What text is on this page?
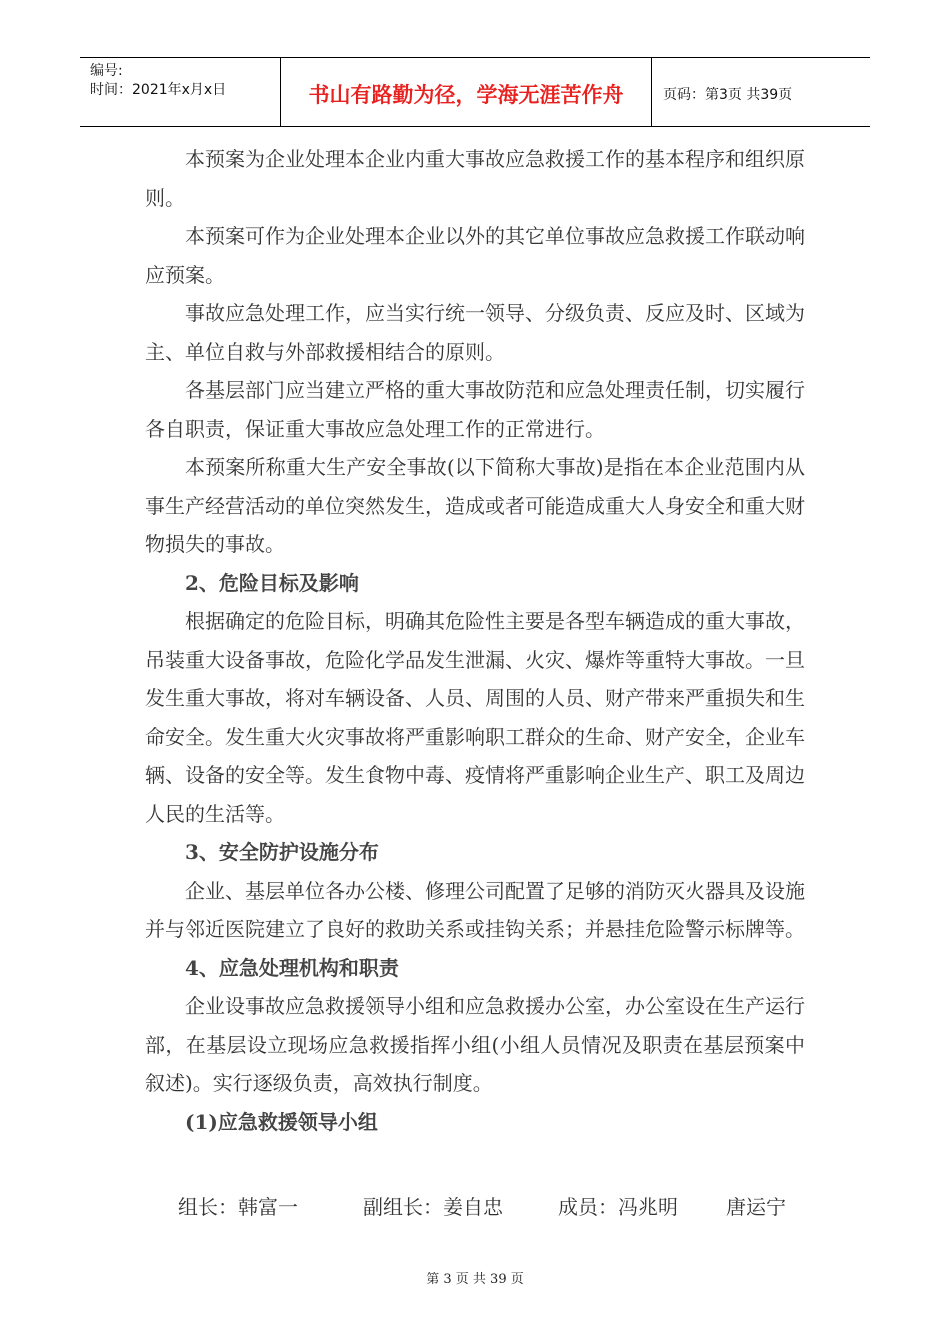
编号:
时间：2021年x月x日	书山有路勤为径，学海无涯苦作舟	页码：第3页 共39页

本预案为企业处理本企业内重大事故应急救援工作的基本程序和组织原则。

本预案可作为企业处理本企业以外的其它单位事故应急救援工作联动响应预案。

事故应急处理工作，应当实行统一领导、分级负责、反应及时、区域为主、单位自救与外部救援相结合的原则。

各基层部门应当建立严格的重大事故防范和应急处理责任制，切实履行各自职责，保证重大事故应急处理工作的正常进行。

本预案所称重大生产安全事故(以下简称大事故)是指在本企业范围内从事生产经营活动的单位突然发生，造成或者可能造成重大人身安全和重大财物损失的事故。

2、危险目标及影响

根据确定的危险目标，明确其危险性主要是各型车辆造成的重大事故，吊装重大设备事故，危险化学品发生泄漏、火灾、爆炸等重特大事故。一旦发生重大事故，将对车辆设备、人员、周围的人员、财产带来严重损失和生命安全。发生重大火灾事故将严重影响职工群众的生命、财产安全，企业车辆、设备的安全等。发生食物中毒、疫情将严重影响企业生产、职工及周边人民的生活等。

3、安全防护设施分布

企业、基层单位各办公楼、修理公司配置了足够的消防灭火器具及设施并与邻近医院建立了良好的救助关系或挂钩关系；并悬挂危险警示标牌等。

4、应急处理机构和职责

企业设事故应急救援领导小组和应急救援办公室，办公室设在生产运行部，在基层设立现场应急救援指挥小组(小组人员情况及职责在基层预案中叙述)。实行逐级负责，高效执行制度。

(1)应急救援领导小组

组长：韩富一	副组长：姜自忠	成员：冯兆明 唐运宁
第 3 页 共 39 页
